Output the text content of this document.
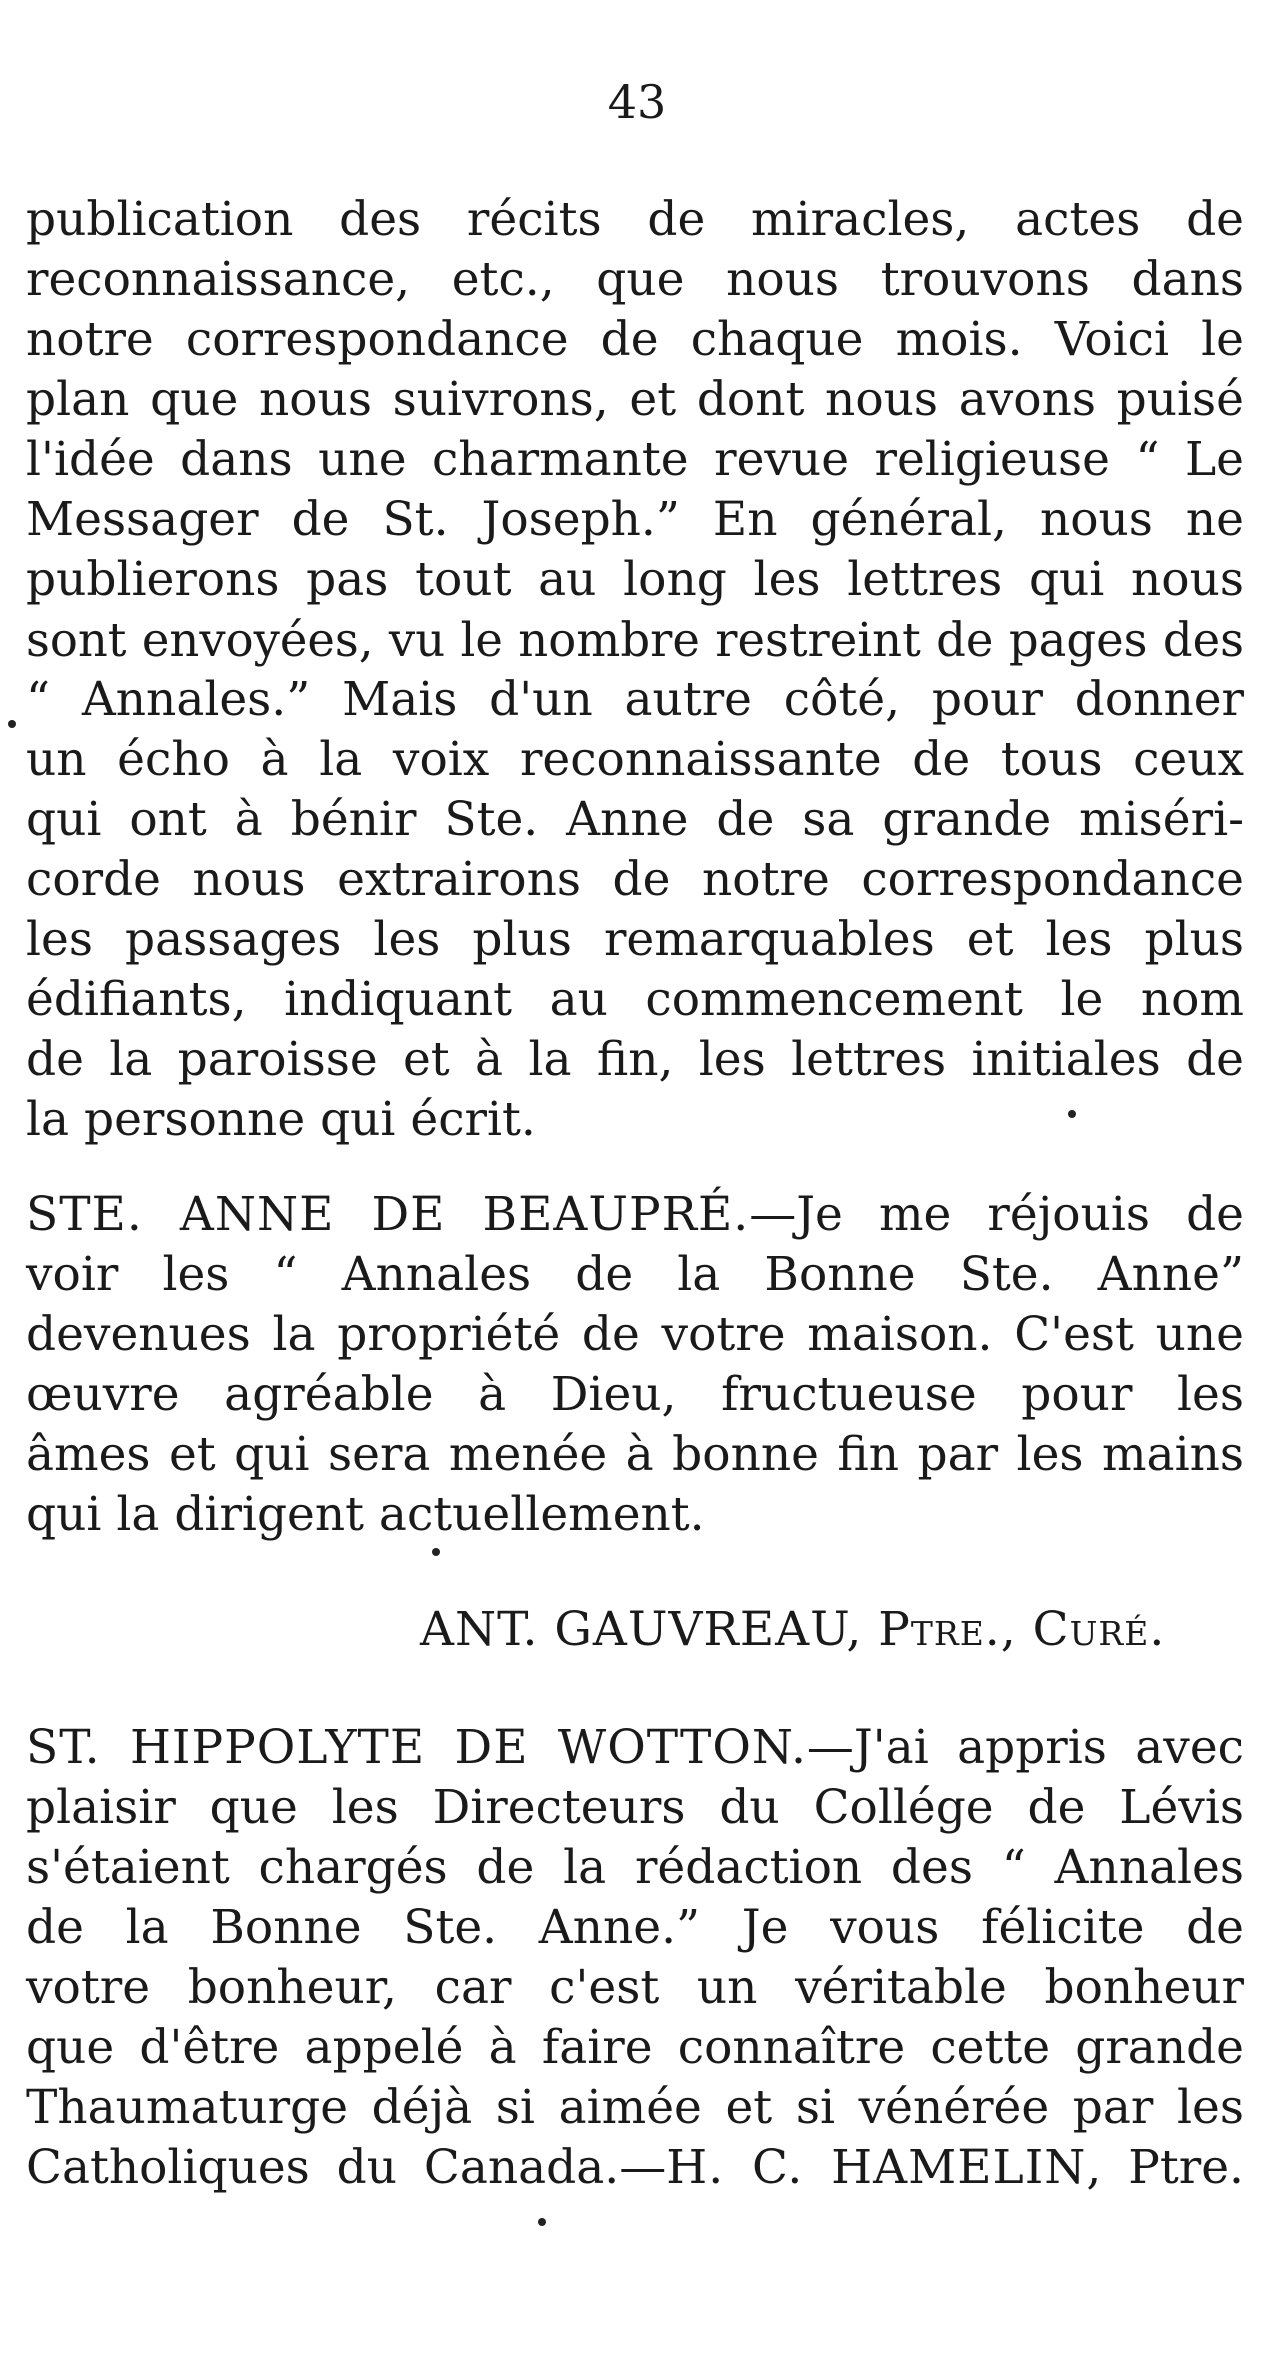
43
publication des récits de miracles, actes de
reconnaissance, etc., que nous trouvons dans
notre correspondance de chaque mois. Voici le
plan que nous suivrons, et dont nous avons puisé
l'idée dans une charmante revue religieuse “ Le
Messager de St. Joseph.” En général, nous ne
publierons pas tout au long les lettres qui nous
sont envoyées, vu le nombre restreint de pages des
“ Annales.” Mais d'un autre côté, pour donner
un écho à la voix reconnaissante de tous ceux
qui ont à bénir Ste. Anne de sa grande miséri-
corde nous extrairons de notre correspondance
les passages les plus remarquables et les plus
édifiants, indiquant au commencement le nom
de la paroisse et à la fin, les lettres initiales de
la personne qui écrit.
STE. ANNE DE BEAUPRÉ.—Je me réjouis de
voir les “ Annales de la Bonne Ste. Anne”
devenues la propriété de votre maison. C'est une
œuvre agréable à Dieu, fructueuse pour les
âmes et qui sera menée à bonne fin par les mains
qui la dirigent actuellement.
ANT. GAUVREAU, Ptre., Curé.
ST. HIPPOLYTE DE WOTTON.—J'ai appris avec
plaisir que les Directeurs du Collége de Lévis
s'étaient chargés de la rédaction des “ Annales
de la Bonne Ste. Anne.” Je vous félicite de
votre bonheur, car c'est un véritable bonheur
que d'être appelé à faire connaître cette grande
Thaumaturge déjà si aimée et si vénérée par les
Catholiques du Canada.—H. C. HAMELIN, Ptre.
